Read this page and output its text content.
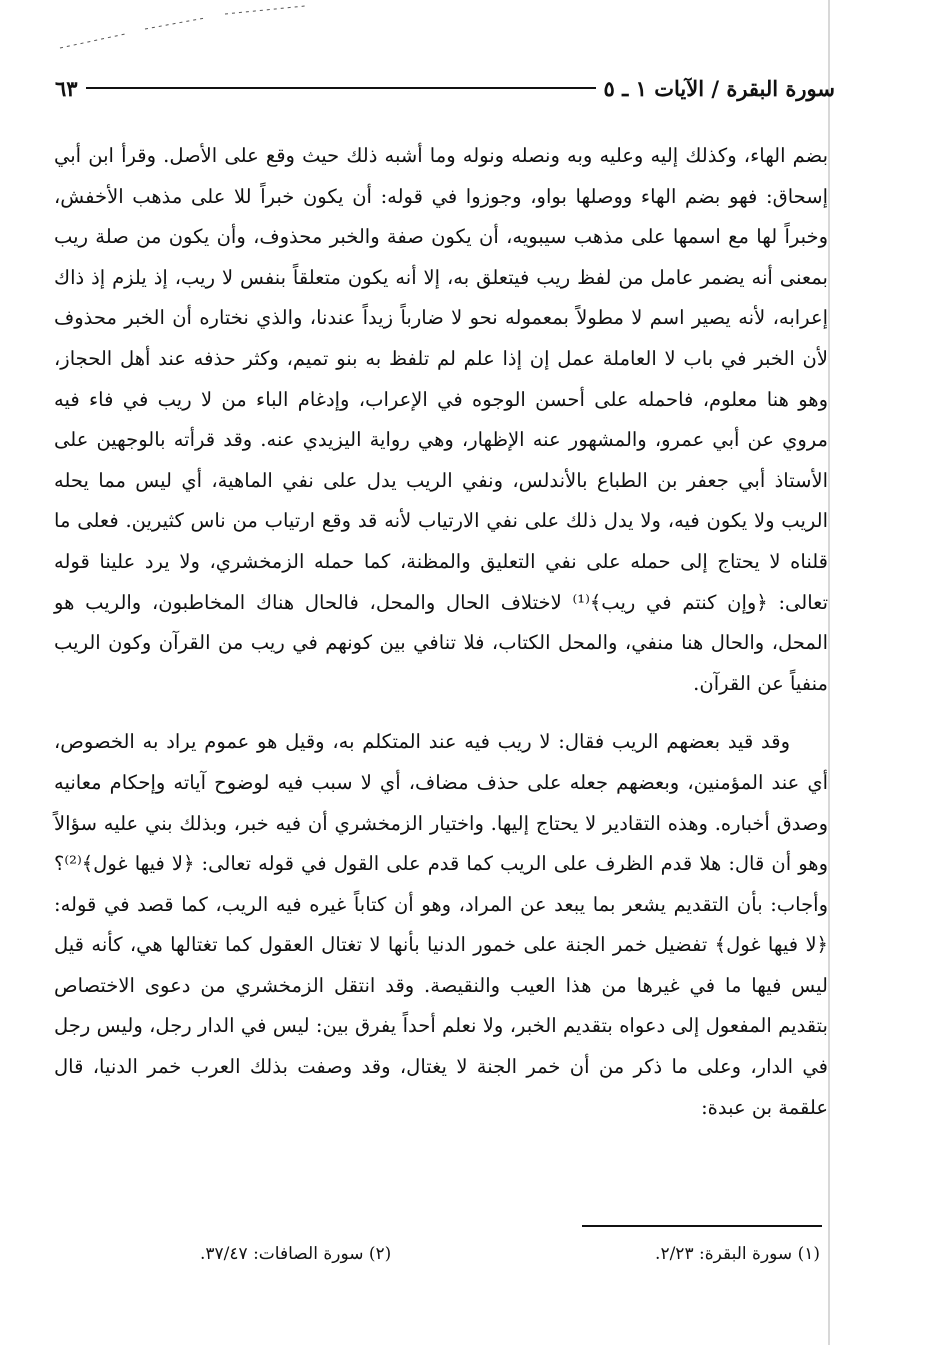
سورة البقرة / الآيات ١ ـ ٥
٦٣

بضم الهاء، وكذلك إليه وعليه وبه ونصله ونوله وما أشبه ذلك حيث وقع على الأصل. وقرأ ابن أبي إسحاق: فهو بضم الهاء ووصلها بواو، وجوزوا في قوله: أن يكون خبراً للا على مذهب الأخفش، وخبراً لها مع اسمها على مذهب سيبويه، أن يكون صفة والخبر محذوف، وأن يكون من صلة ريب بمعنى أنه يضمر عامل من لفظ ريب فيتعلق به، إلا أنه يكون متعلقاً بنفس لا ريب، إذ يلزم إذ ذاك إعرابه، لأنه يصير اسم لا مطولاً بمعموله نحو لا ضارباً زيداً عندنا، والذي نختاره أن الخبر محذوف لأن الخبر في باب لا العاملة عمل إن إذا علم لم تلفظ به بنو تميم، وكثر حذفه عند أهل الحجاز، وهو هنا معلوم، فاحمله على أحسن الوجوه في الإعراب، وإدغام الباء من لا ريب في فاء فيه مروي عن أبي عمرو، والمشهور عنه الإظهار، وهي رواية اليزيدي عنه. وقد قرأته بالوجهين على الأستاذ أبي جعفر بن الطباع بالأندلس، ونفي الريب يدل على نفي الماهية، أي ليس مما يحله الريب ولا يكون فيه، ولا يدل ذلك على نفي الارتياب لأنه قد وقع ارتياب من ناس كثيرين. فعلى ما قلناه لا يحتاج إلى حمله على نفي التعليق والمظنة، كما حمله الزمخشري، ولا يرد علينا قوله تعالى: ﴿وإن كنتم في ريب﴾⁽¹⁾ لاختلاف الحال والمحل، فالحال هناك المخاطبون، والريب هو المحل، والحال هنا منفي، والمحل الكتاب، فلا تنافي بين كونهم في ريب من القرآن وكون الريب منفياً عن القرآن.

وقد قيد بعضهم الريب فقال: لا ريب فيه عند المتكلم به، وقيل هو عموم يراد به الخصوص، أي عند المؤمنين، وبعضهم جعله على حذف مضاف، أي لا سبب فيه لوضوح آياته وإحكام معانيه وصدق أخباره. وهذه التقادير لا يحتاج إليها. واختيار الزمخشري أن فيه خبر، وبذلك بني عليه سؤالاً وهو أن قال: هلا قدم الظرف على الريب كما قدم على القول في قوله تعالى: ﴿لا فيها غول﴾⁽²⁾؟ وأجاب: بأن التقديم يشعر بما يبعد عن المراد، وهو أن كتاباً غيره فيه الريب، كما قصد في قوله: ﴿لا فيها غول﴾ تفضيل خمر الجنة على خمور الدنيا بأنها لا تغتال العقول كما تغتالها هي، كأنه قيل ليس فيها ما في غيرها من هذا العيب والنقيصة. وقد انتقل الزمخشري من دعوى الاختصاص بتقديم المفعول إلى دعواه بتقديم الخبر، ولا نعلم أحداً يفرق بين: ليس في الدار رجل، وليس رجل في الدار، وعلى ما ذكر من أن خمر الجنة لا يغتال، وقد وصفت بذلك العرب خمر الدنيا، قال علقمة بن عبدة:

(١) سورة البقرة: ٢/٢٣.
(٢) سورة الصافات: ٣٧/٤٧.
